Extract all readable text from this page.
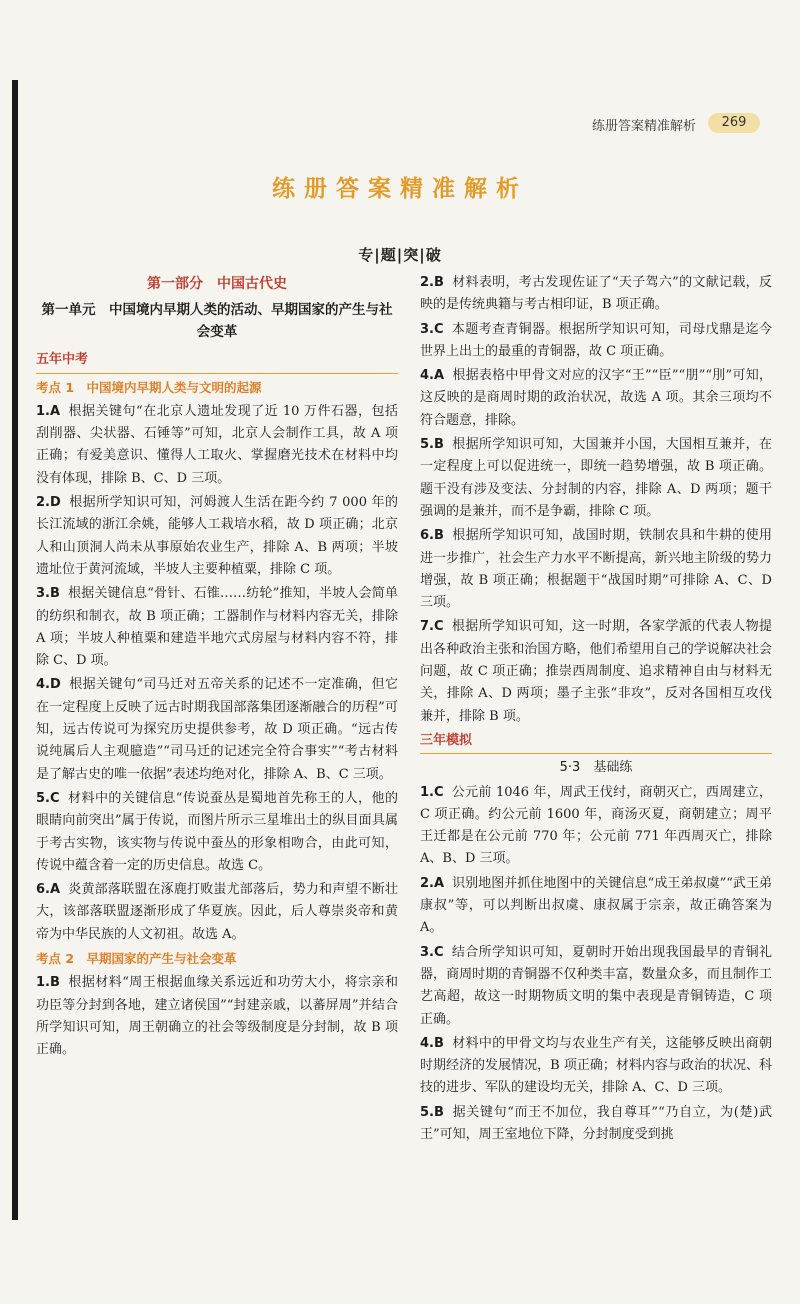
练册答案精准解析	269
练册答案精准解析
专|题|突|破
第一部分　中国古代史
第一单元　中国境内早期人类的活动、早期国家的产生与社会变革
五年中考
考点 1　中国境内早期人类与文明的起源
1.A 根据关键句“在北京人遗址发现了近 10 万件石器，包括刮削器、尖状器、石锤等”可知，北京人会制作工具，故 A 项正确；有爱美意识、懂得人工取火、掌握磨光技术在材料中均没有体现，排除 B、C、D 三项。
2.D 根据所学知识可知，河姆渡人生活在距今约 7 000 年的长江流域的浙江余姚，能够人工栽培水稻，故 D 项正确；北京人和山顶洞人尚未从事原始农业生产，排除 A、B 两项；半坡遗址位于黄河流域，半坡人主要种植粟，排除 C 项。
3.B 根据关键信息“骨针、石锥……纺轮”推知，半坡人会简单的纺织和制衣，故 B 项正确；工器制作与材料内容无关，排除 A 项；半坡人种植粟和建造半地穴式房屋与材料内容不符，排除 C、D 项。
4.D 根据关键句“司马迁对五帝关系的记述不一定准确，但它在一定程度上反映了远古时期我国部落集团逐渐融合的历程”可知，远古传说可为探究历史提供参考，故 D 项正确。“远古传说纯属后人主观臆造”“司马迁的记述完全符合事实”“考古材料是了解古史的唯一依据”表述均绝对化，排除 A、B、C 三项。
5.C 材料中的关键信息“传说蚕丛是蜀地首先称王的人，他的眼睛向前突出”属于传说，而图片所示三星堆出土的纵目面具属于考古实物，该实物与传说中蚕丛的形象相吻合，由此可知，传说中蕴含着一定的历史信息。故选 C。
6.A 炎黄部落联盟在涿鹿打败蚩尤部落后，势力和声望不断壮大，该部落联盟逐渐形成了华夏族。因此，后人尊崇炎帝和黄帝为中华民族的人文初祖。故选 A。
考点 2　早期国家的产生与社会变革
1.B 根据材料“周王根据血缘关系远近和功劳大小，将宗亲和功臣等分封到各地，建立诸侯国”“封建亲戚，以蕃屏周”并结合所学知识可知，周王朝确立的社会等级制度是分封制，故 B 项正确。
2.B 材料表明，考古发现佐证了“天子驾六”的文献记载，反映的是传统典籍与考古相印证，B 项正确。
3.C 本题考查青铜器。根据所学知识可知，司母戊鼎是迄今世界上出土的最重的青铜器，故 C 项正确。
4.A 根据表格中甲骨文对应的汉字“王”“臣”“朋”“刖”可知，这反映的是商周时期的政治状况，故选 A 项。其余三项均不符合题意，排除。
5.B 根据所学知识可知，大国兼并小国，大国相互兼并，在一定程度上可以促进统一，即统一趋势增强，故 B 项正确。题干没有涉及变法、分封制的内容，排除 A、D 两项；题干强调的是兼并，而不是争霸，排除 C 项。
6.B 根据所学知识可知，战国时期，铁制农具和牛耕的使用进一步推广，社会生产力水平不断提高，新兴地主阶级的势力增强，故 B 项正确；根据题干“战国时期”可排除 A、C、D 三项。
7.C 根据所学知识可知，这一时期，各家学派的代表人物提出各种政治主张和治国方略，他们希望用自己的学说解决社会问题，故 C 项正确；推崇西周制度、追求精神自由与材料无关，排除 A、D 两项；墨子主张“非攻”，反对各国相互攻伐兼并，排除 B 项。
三年模拟
5·3　基础练
1.C 公元前 1046 年，周武王伐纣，商朝灭亡，西周建立，C 项正确。约公元前 1600 年，商汤灭夏，商朝建立；周平王迁都是在公元前 770 年；公元前 771 年西周灭亡，排除 A、B、D 三项。
2.A 识别地图并抓住地图中的关键信息“成王弟叔虞”“武王弟康叔”等，可以判断出叔虞、康叔属于宗亲，故正确答案为 A。
3.C 结合所学知识可知，夏朝时开始出现我国最早的青铜礼器，商周时期的青铜器不仅种类丰富，数量众多，而且制作工艺高超，故这一时期物质文明的集中表现是青铜铸造，C 项正确。
4.B 材料中的甲骨文均与农业生产有关，这能够反映出商朝时期经济的发展情况，B 项正确；材料内容与政治的状况、科技的进步、军队的建设均无关，排除 A、C、D 三项。
5.B 据关键句“而王不加位，我自尊耳”“乃自立，为(楚)武王”可知，周王室地位下降，分封制度受到挑
